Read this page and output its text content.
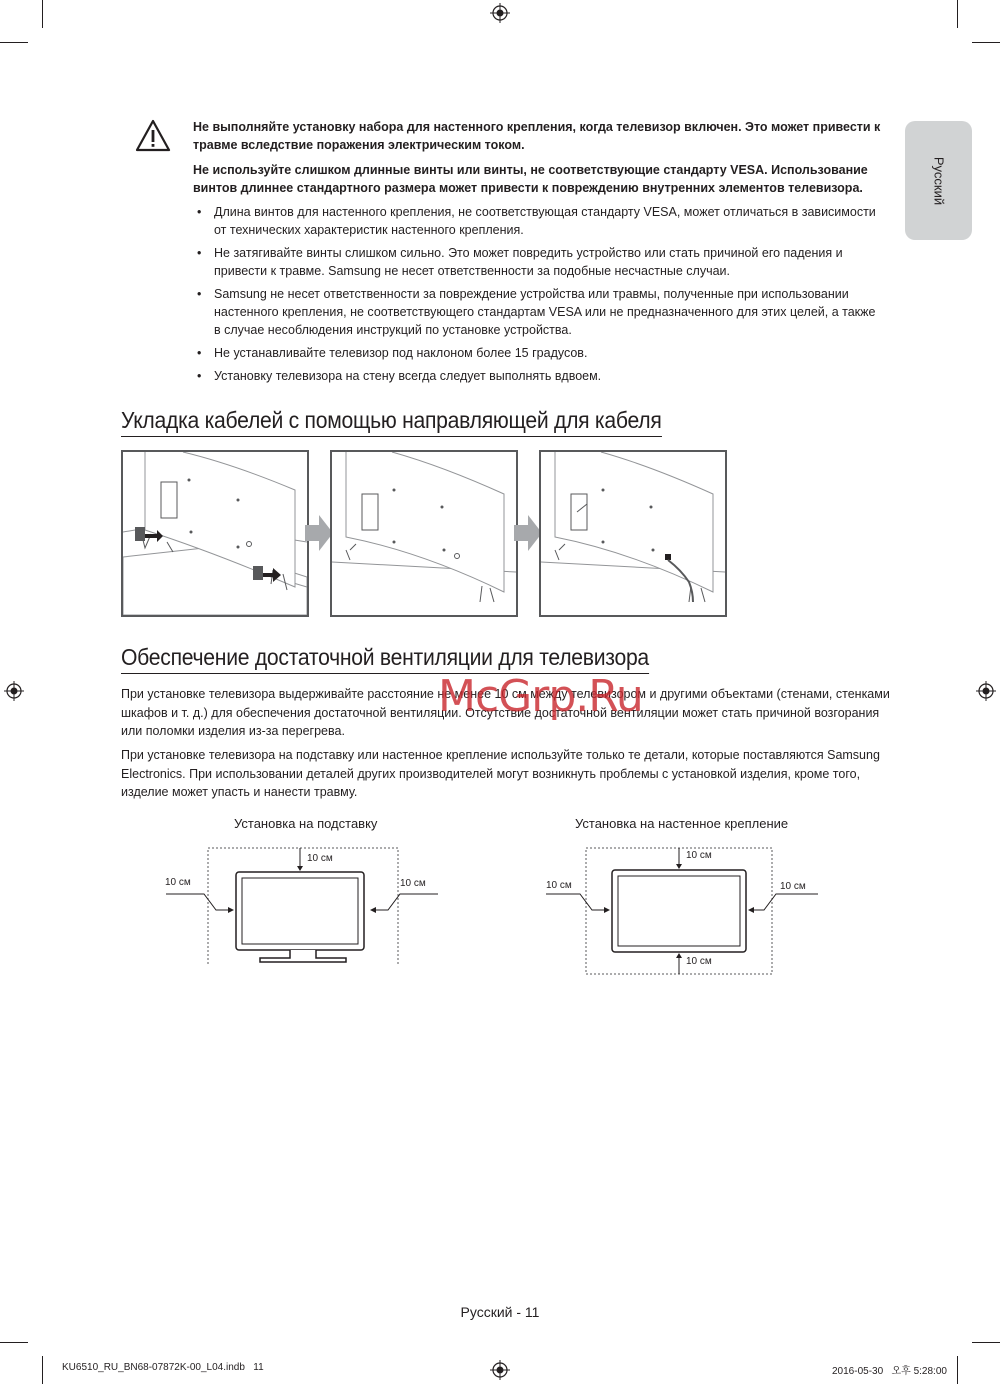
Русский

Не выполняйте установку набора для настенного крепления, когда телевизор включен. Это может привести к травме вследствие поражения электрическим током.

Не используйте слишком длинные винты или винты, не соответствующие стандарту VESA. Использование винтов длиннее стандартного размера может привести к повреждению внутренних элементов телевизора.

• Длина винтов для настенного крепления, не соответствующая стандарту VESA, может отличаться в зависимости от технических характеристик настенного крепления.
• Не затягивайте винты слишком сильно. Это может повредить устройство или стать причиной его падения и привести к травме. Samsung не несет ответственности за подобные несчастные случаи.
• Samsung не несет ответственности за повреждение устройства или травмы, полученные при использовании настенного крепления, не соответствующего стандартам VESA или не предназначенного для этих целей, а также в случае несоблюдения инструкций по установке устройства.
• Не устанавливайте телевизор под наклоном более 15 градусов.
• Установку телевизора на стену всегда следует выполнять вдвоем.
Укладка кабелей с помощью направляющей для кабеля
Обеспечение достаточной вентиляции для телевизора

При установке телевизора выдерживайте расстояние не менее 10 см между телевизором и другими объектами (стенами, стенками шкафов и т. д.) для обеспечения достаточной вентиляции. Отсутствие достаточной вентиляции может стать причиной возгорания или поломки изделия из-за перегрева.

При установке телевизора на подставку или настенное крепление используйте только те детали, которые поставляются Samsung Electronics. При использовании деталей других производителей могут возникнуть проблемы с установкой изделия, кроме того, изделие может упасть и нанести травму.

McGrp.Ru
Установка на подставку
10 см
10 см	10 см
Установка на настенное крепление
10 см
10 см	10 см
10 см
Русский - 11
KU6510_RU_BN68-07872K-00_L04.indb   11	2016-05-30   오후 5:28:00
